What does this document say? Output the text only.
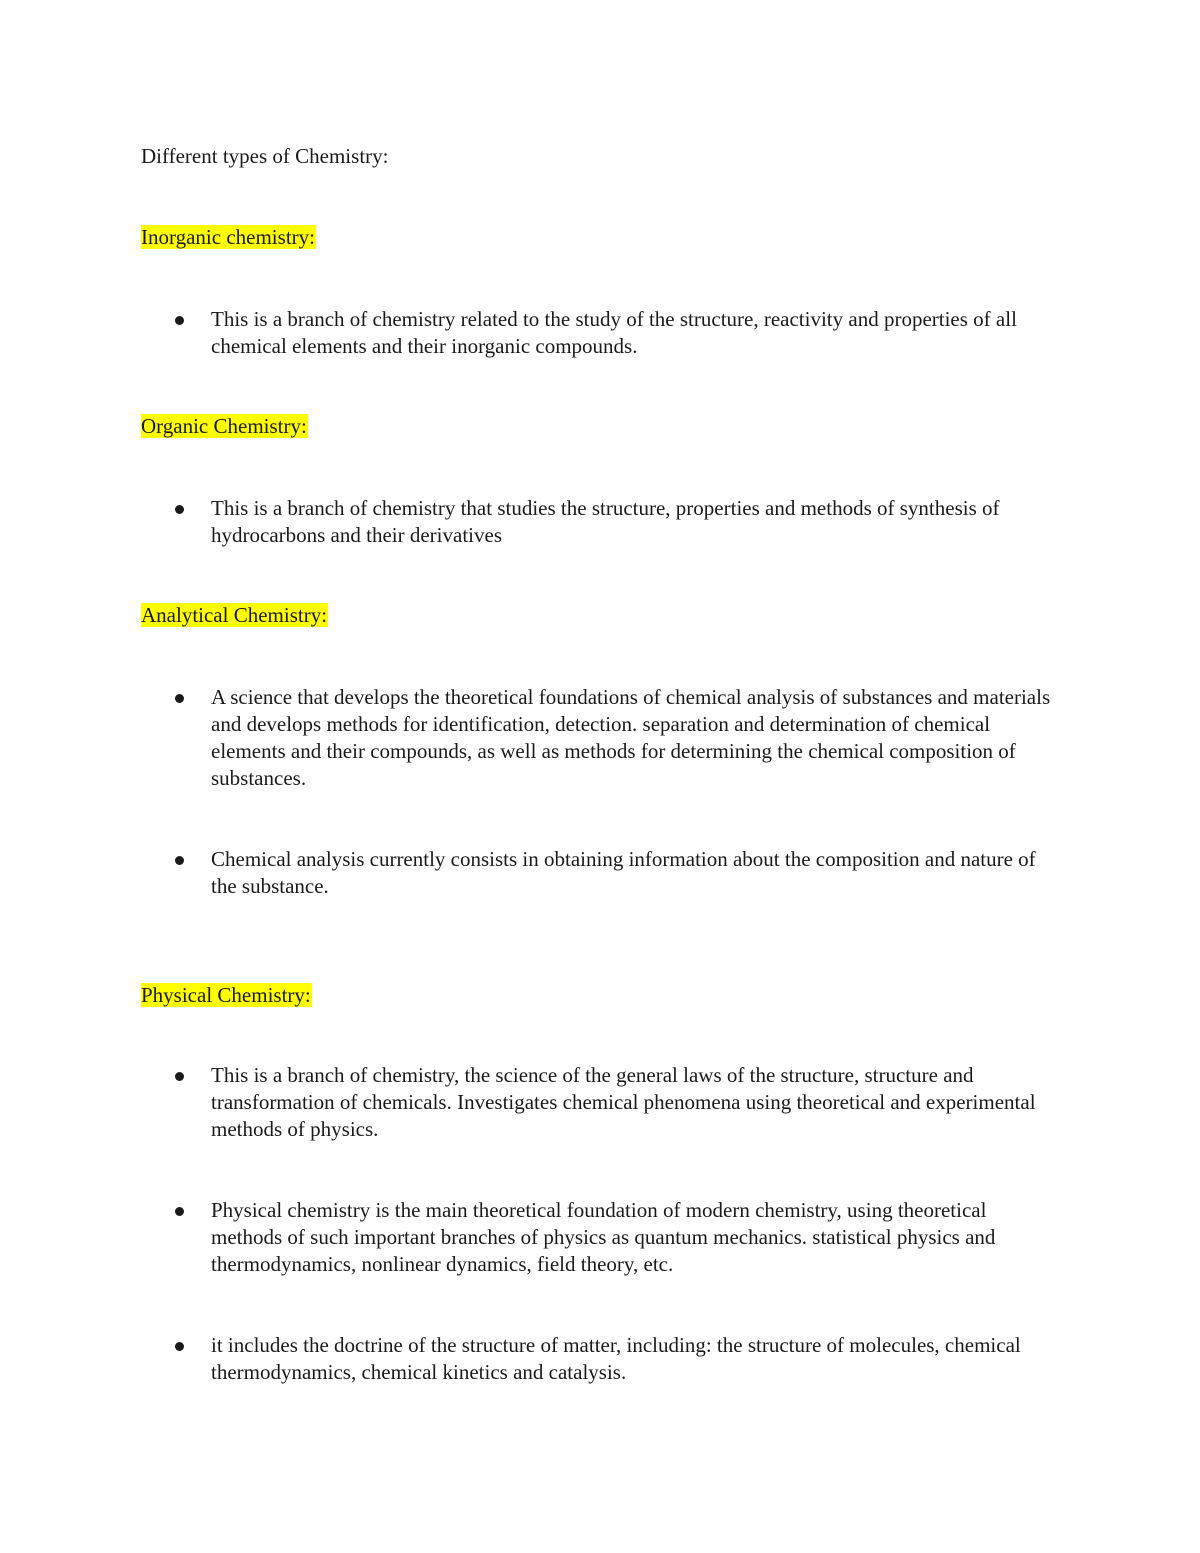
Different types of Chemistry:
Inorganic chemistry:

This is a branch of chemistry related to the study of the structure, reactivity and properties of all chemical elements and their inorganic compounds.

Organic Chemistry:

This is a branch of chemistry that studies the structure, properties and methods of synthesis of hydrocarbons and their derivatives

Analytical Chemistry:

A science that develops the theoretical foundations of chemical analysis of substances and materials and develops methods for identification, detection. separation and determination of chemical elements and their compounds, as well as methods for determining the chemical composition of substances.

Chemical analysis currently consists in obtaining information about the composition and nature of the substance.

Physical Chemistry:

This is a branch of chemistry, the science of the general laws of the structure, structure and transformation of chemicals. Investigates chemical phenomena using theoretical and experimental methods of physics.

Physical chemistry is the main theoretical foundation of modern chemistry, using theoretical methods of such important branches of physics as quantum mechanics. statistical physics and thermodynamics, nonlinear dynamics, field theory, etc.

it includes the doctrine of the structure of matter, including: the structure of molecules, chemical thermodynamics, chemical kinetics and catalysis.
